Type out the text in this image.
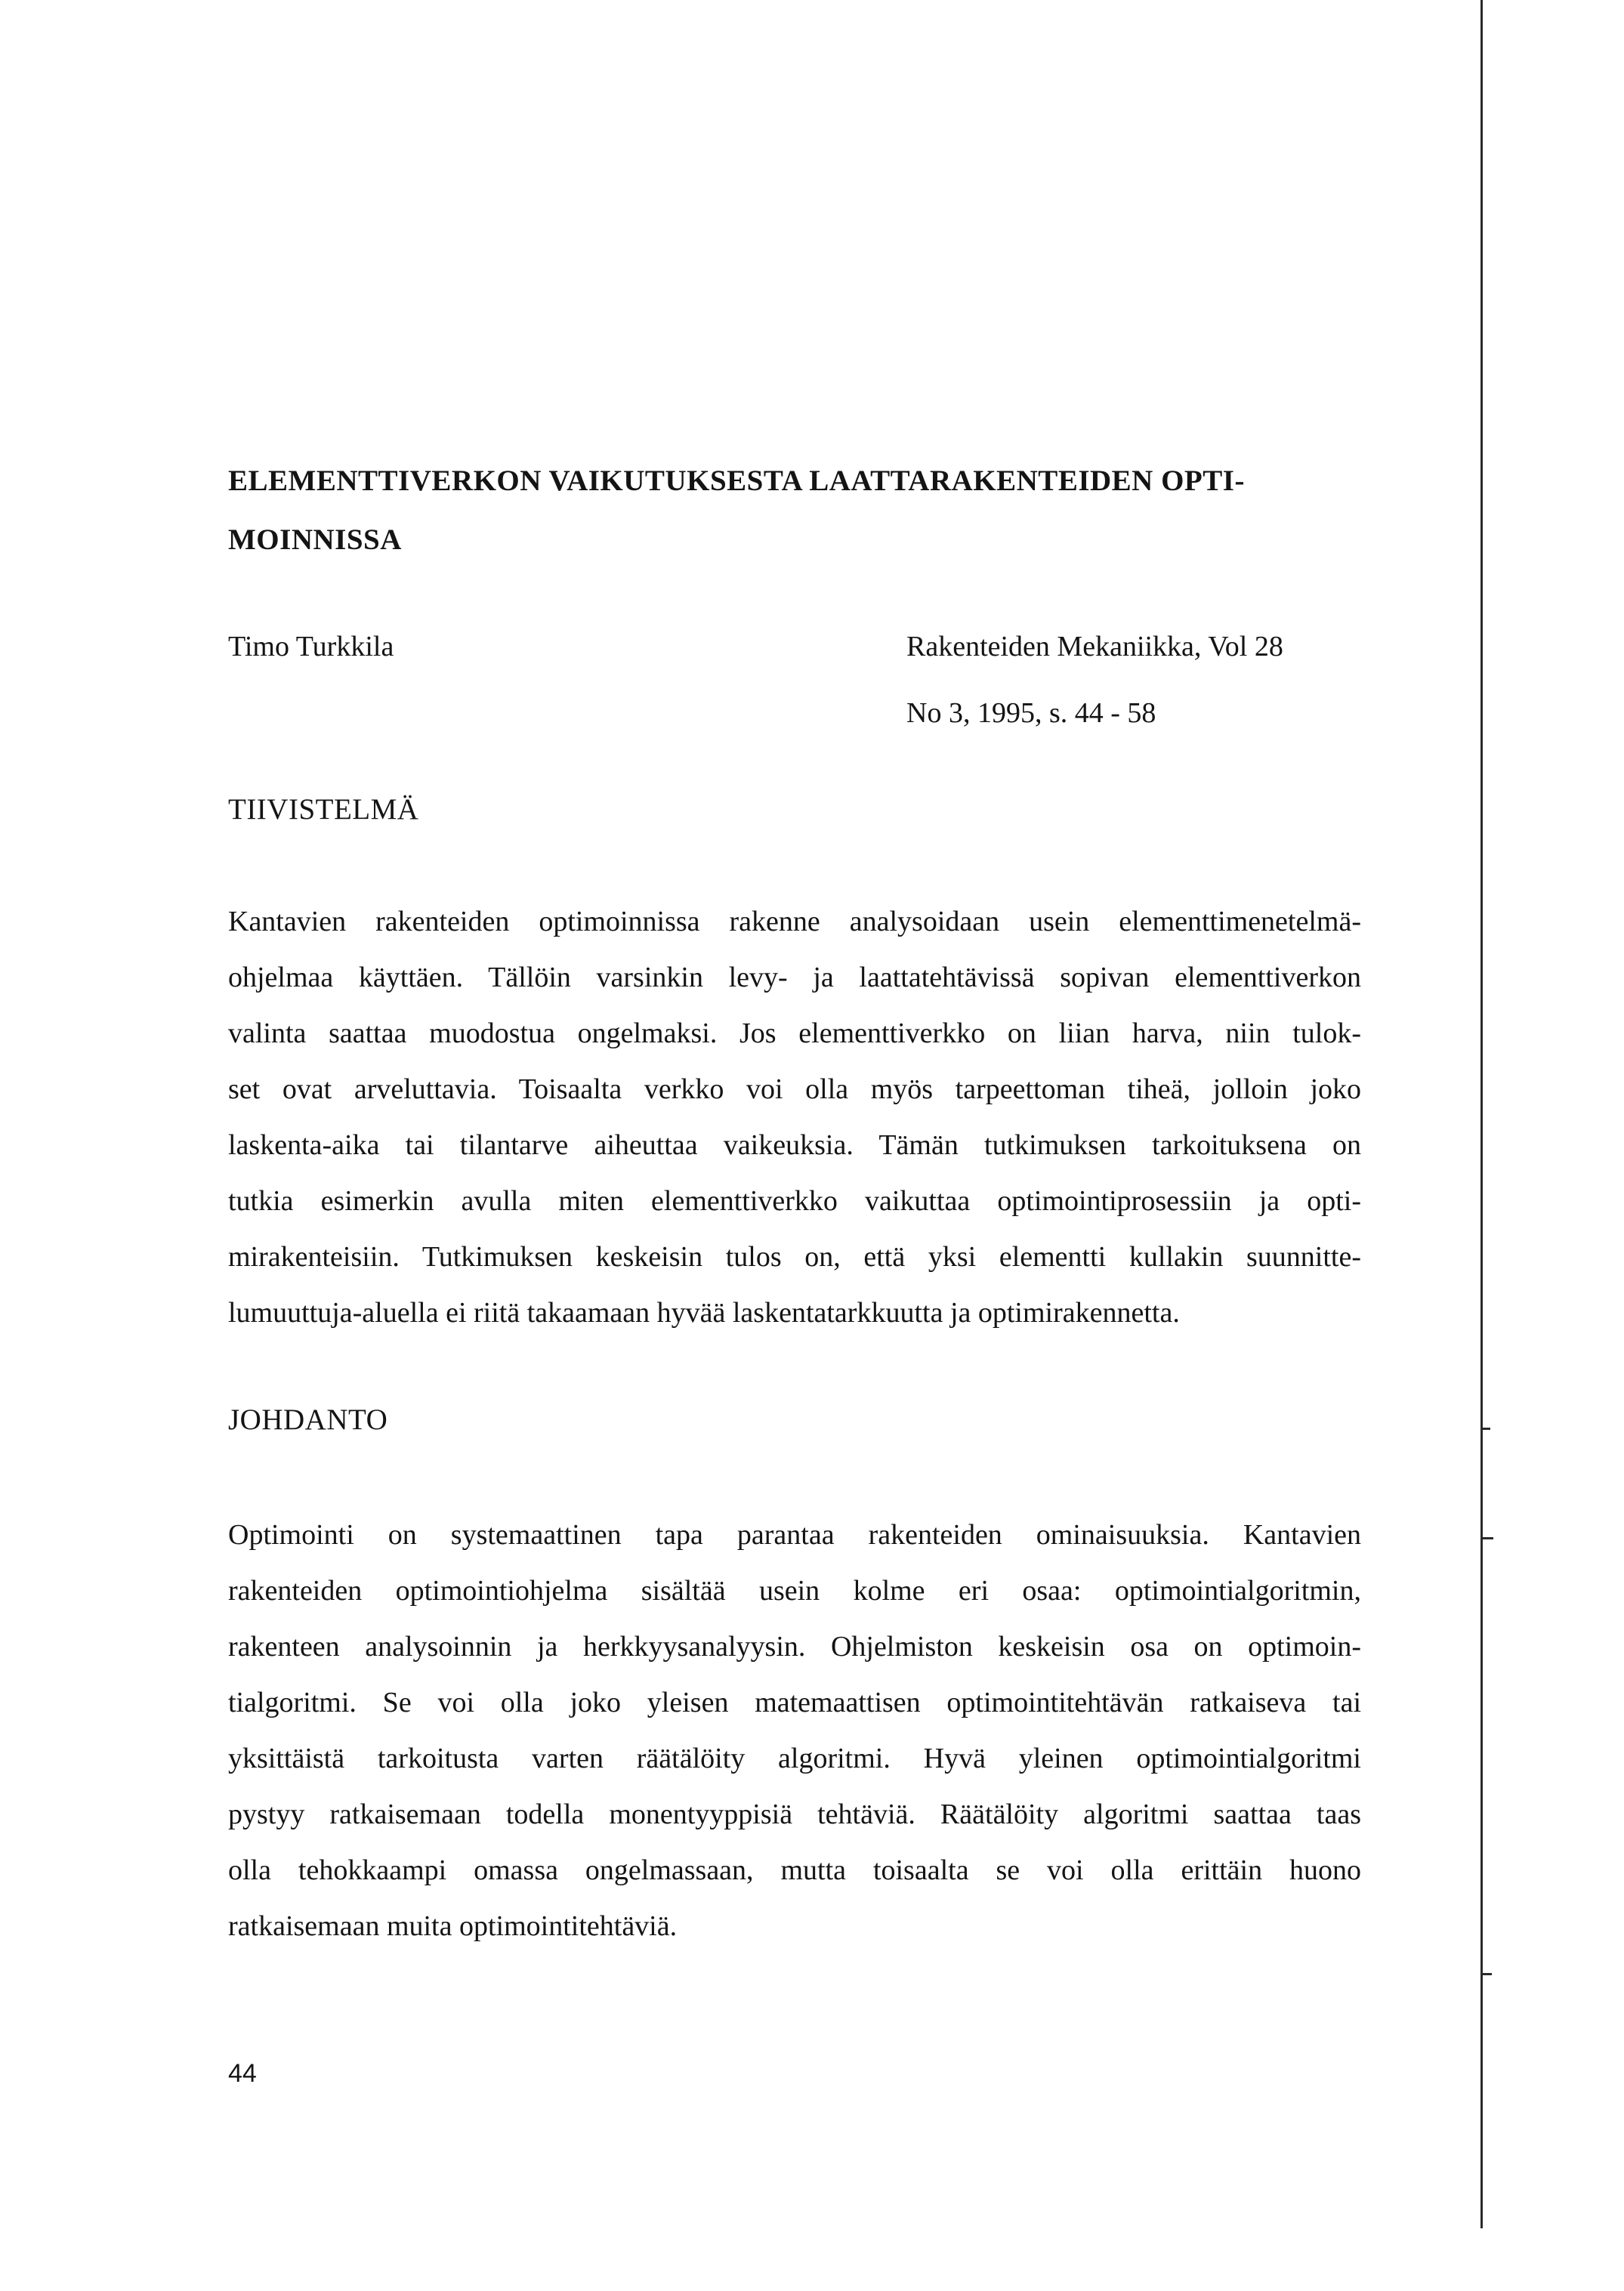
ELEMENTTIVERKON VAIKUTUKSESTA LAATTARAKENTEIDEN OPTI-
MOINNISSA
Timo Turkkila	Rakenteiden Mekaniikka, Vol 28
No 3, 1995, s. 44 - 58
TIIVISTELMÄ
Kantavien rakenteiden optimoinnissa rakenne analysoidaan usein elementtimenetelmä-
ohjelmaa käyttäen. Tällöin varsinkin levy- ja laattatehtävissä sopivan elementtiverkon
valinta saattaa muodostua ongelmaksi. Jos elementtiverkko on liian harva, niin tulok-
set ovat arveluttavia. Toisaalta verkko voi olla myös tarpeettoman tiheä, jolloin joko
laskenta-aika tai tilantarve aiheuttaa vaikeuksia. Tämän tutkimuksen tarkoituksena on
tutkia esimerkin avulla miten elementtiverkko vaikuttaa optimointiprosessiin ja opti-
mirakenteisiin. Tutkimuksen keskeisin tulos on, että yksi elementti kullakin suunnitte-
lumuuttuja-aluella ei riitä takaamaan hyvää laskentatarkkuutta ja optimirakennetta.
JOHDANTO
Optimointi on systemaattinen tapa parantaa rakenteiden ominaisuuksia. Kantavien
rakenteiden optimointiohjelma sisältää usein kolme eri osaa: optimointialgoritmin,
rakenteen analysoinnin ja herkkyysanalyysin. Ohjelmiston keskeisin osa on optimoin-
tialgoritmi. Se voi olla joko yleisen matemaattisen optimointitehtävän ratkaiseva tai
yksittäistä tarkoitusta varten räätälöity algoritmi. Hyvä yleinen optimointialgoritmi
pystyy ratkaisemaan todella monentyyppisiä tehtäviä. Räätälöity algoritmi saattaa taas
olla tehokkaampi omassa ongelmassaan, mutta toisaalta se voi olla erittäin huono
ratkaisemaan muita optimointitehtäviä.
44
